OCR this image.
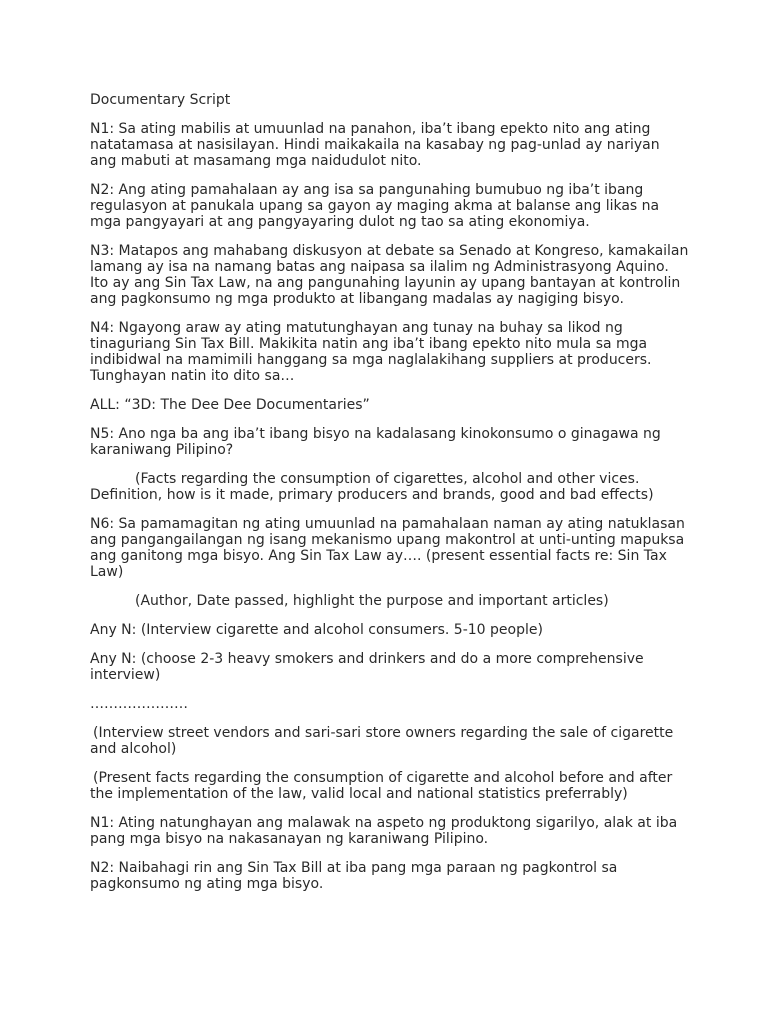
Documentary Script

N1: Sa ating mabilis at umuunlad na panahon, iba’t ibang epekto nito ang ating natatamasa at nasisilayan. Hindi maikakaila na kasabay ng pag-unlad ay nariyan ang mabuti at masamang mga naidudulot nito.

N2: Ang ating pamahalaan ay ang isa sa pangunahing bumubuo ng iba’t ibang regulasyon at panukala upang sa gayon ay maging akma at balanse ang likas na mga pangyayari at ang pangyayaring dulot ng tao sa ating ekonomiya.

N3: Matapos ang mahabang diskusyon at debate sa Senado at Kongreso, kamakailan lamang ay isa na namang batas ang naipasa sa ilalim ng Administrasyong Aquino. Ito ay ang Sin Tax Law, na ang pangunahing layunin ay upang bantayan at kontrolin ang pagkonsumo ng mga produkto at libangang madalas ay nagiging bisyo.

N4: Ngayong araw ay ating matutunghayan ang tunay na buhay sa likod ng tinaguriang Sin Tax Bill. Makikita natin ang iba’t ibang epekto nito mula sa mga indibidwal na mamimili hanggang sa mga naglalakihang suppliers at producers. Tunghayan natin ito dito sa…

ALL: “3D: The Dee Dee Documentaries”

N5: Ano nga ba ang iba’t ibang bisyo na kadalasang kinokonsumo o ginagawa ng karaniwang Pilipino?

(Facts regarding the consumption of cigarettes, alcohol and other vices. Definition, how is it made, primary producers and brands, good and bad effects)

N6: Sa pamamagitan ng ating umuunlad na pamahalaan naman ay ating natuklasan ang pangangailangan ng isang mekanismo upang makontrol at unti-unting mapuksa ang ganitong mga bisyo. Ang Sin Tax Law ay…. (present essential facts re: Sin Tax Law)

(Author, Date passed, highlight the purpose and important articles)

Any N: (Interview cigarette and alcohol consumers. 5-10 people)

Any N: (choose 2-3 heavy smokers and drinkers and do a more comprehensive interview)

…………………

(Interview street vendors and sari-sari store owners regarding the sale of cigarette and alcohol)

(Present facts regarding the consumption of cigarette and alcohol before and after the implementation of the law, valid local and national statistics preferrably)

N1: Ating natunghayan ang malawak na aspeto ng produktong sigarilyo, alak at iba pang mga bisyo na nakasanayan ng karaniwang Pilipino.

N2: Naibahagi rin ang Sin Tax Bill at iba pang mga paraan ng pagkontrol sa pagkonsumo ng ating mga bisyo.
